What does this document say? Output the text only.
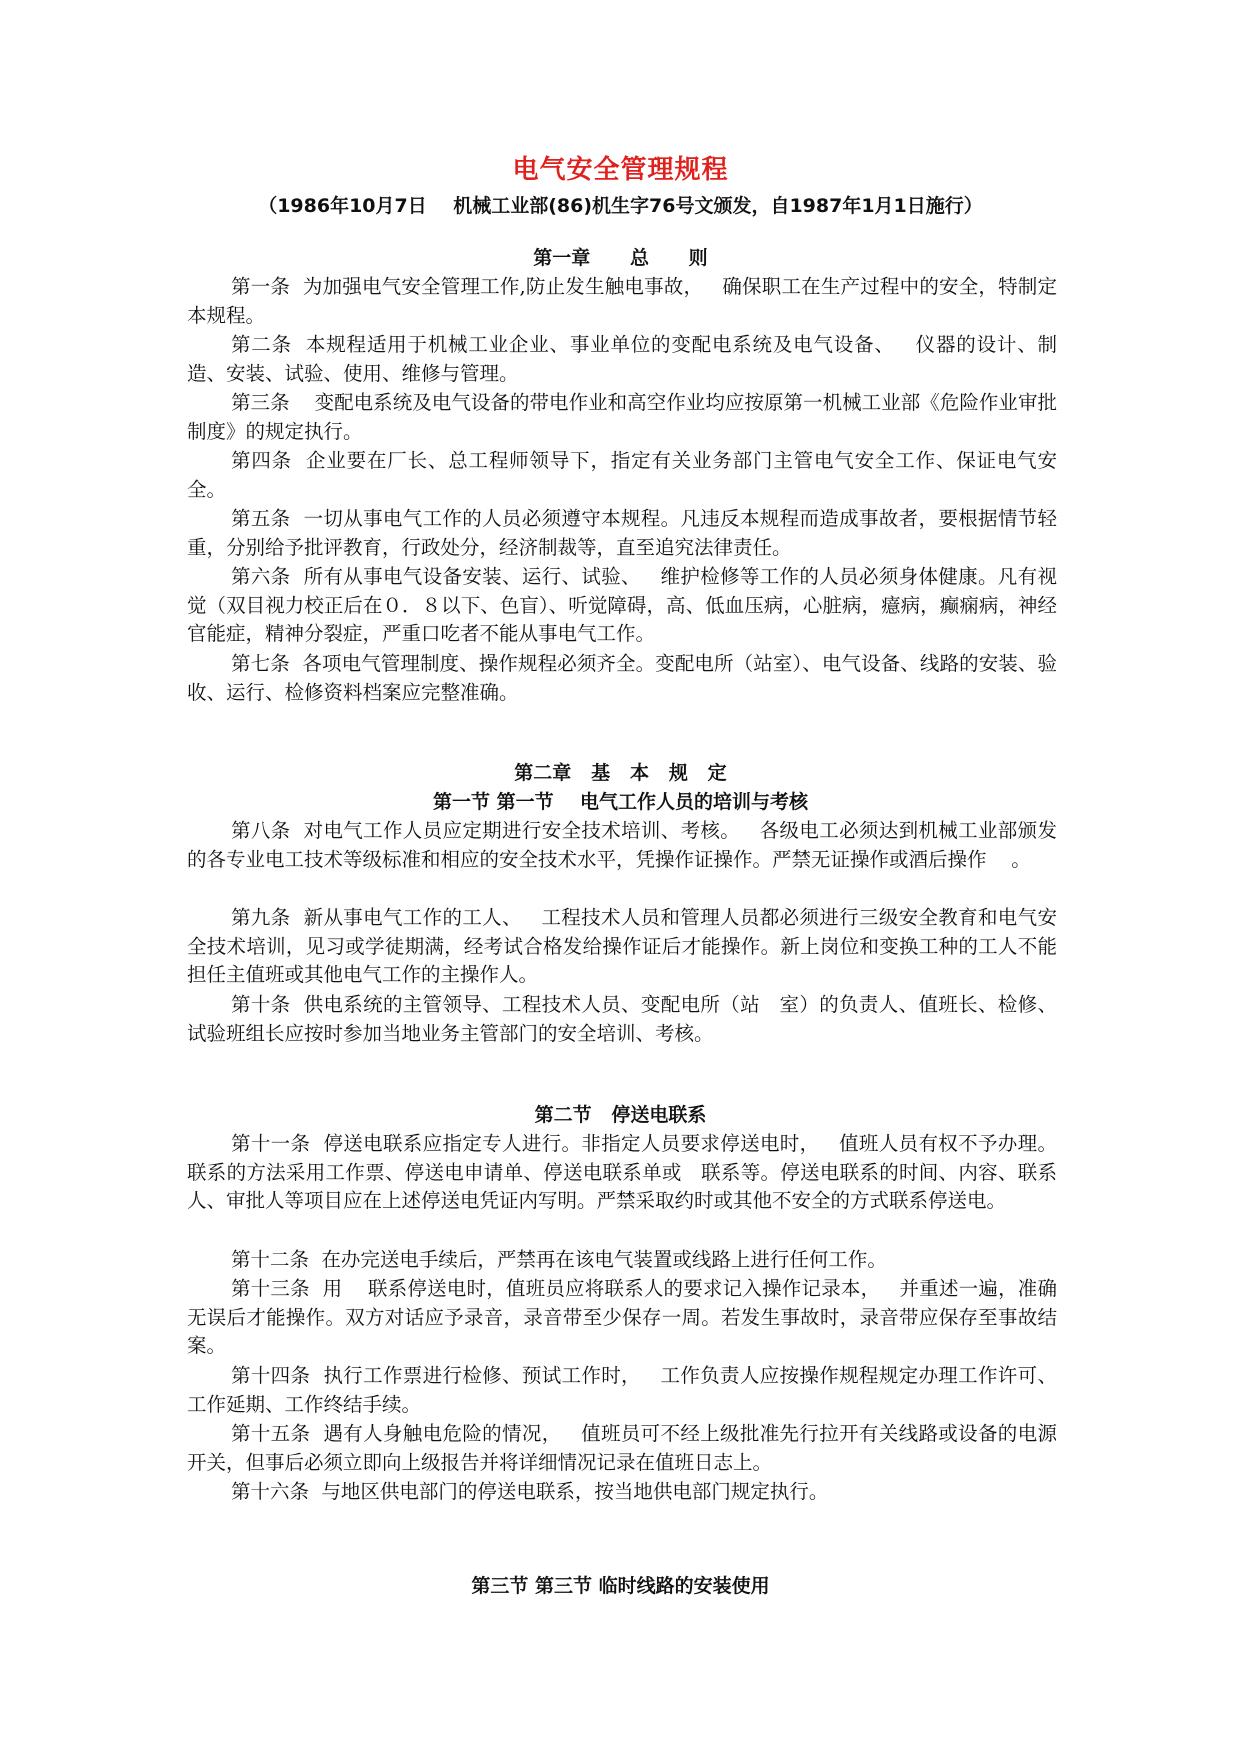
电气安全管理规程
（1986年10月7日    机械工业部(86)机生字76号文颁发，自1987年1月1日施行）
第一章      总      则
第一条  为加强电气安全管理工作,防止发生触电事故，   确保职工在生产过程中的安全，特制定本规程。
第二条  本规程适用于机械工业企业、事业单位的变配电系统及电气设备、   仪器的设计、制造、安装、试验、使用、维修与管理。
第三条    变配电系统及电气设备的带电作业和高空作业均应按原第一机械工业部《危险作业审批制度》的规定执行。
第四条  企业要在厂长、总工程师领导下，指定有关业务部门主管电气安全工作、保证电气安全。
第五条  一切从事电气工作的人员必须遵守本规程。凡违反本规程而造成事故者，要根据情节轻重，分别给予批评教育，行政处分，经济制裁等，直至追究法律责任。
第六条  所有从事电气设备安装、运行、试验、   维护检修等工作的人员必须身体健康。凡有视觉（双目视力校正后在０．８以下、色盲）、听觉障碍，高、低血压病，心脏病，癔病，癫痫病，神经官能症，精神分裂症，严重口吃者不能从事电气工作。
第七条  各项电气管理制度、操作规程必须齐全。变配电所（站室）、电气设备、线路的安装、验收、运行、检修资料档案应完整准确。
第二章   基   本   规   定
第一节 第一节    电气工作人员的培训与考核
第八条  对电气工作人员应定期进行安全技术培训、考核。   各级电工必须达到机械工业部颁发的各专业电工技术等级标准和相应的安全技术水平，凭操作证操作。严禁无证操作或酒后操作    。
第九条  新从事电气工作的工人、   工程技术人员和管理人员都必须进行三级安全教育和电气安全技术培训，见习或学徒期满，经考试合格发给操作证后才能操作。新上岗位和变换工种的工人不能担任主值班或其他电气工作的主操作人。
第十条  供电系统的主管领导、工程技术人员、变配电所（站   室）的负责人、值班长、检修、试验班组长应按时参加当地业务主管部门的安全培训、考核。
第二节   停送电联系
第十一条  停送电联系应指定专人进行。非指定人员要求停送电时，   值班人员有权不予办理。联系的方法采用工作票、停送电申请单、停送电联系单或   联系等。停送电联系的时间、内容、联系人、审批人等项目应在上述停送电凭证内写明。严禁采取约时或其他不安全的方式联系停送电。
第十二条  在办完送电手续后，严禁再在该电气装置或线路上进行任何工作。
第十三条  用    联系停送电时，值班员应将联系人的要求记入操作记录本，   并重述一遍，准确无误后才能操作。双方对话应予录音，录音带至少保存一周。若发生事故时，录音带应保存至事故结案。
第十四条  执行工作票进行检修、预试工作时，   工作负责人应按操作规程规定办理工作许可、工作延期、工作终结手续。
第十五条  遇有人身触电危险的情况，   值班员可不经上级批准先行拉开有关线路或设备的电源开关，但事后必须立即向上级报告并将详细情况记录在值班日志上。
第十六条  与地区供电部门的停送电联系，按当地供电部门规定执行。
第三节 第三节 临时线路的安装使用
